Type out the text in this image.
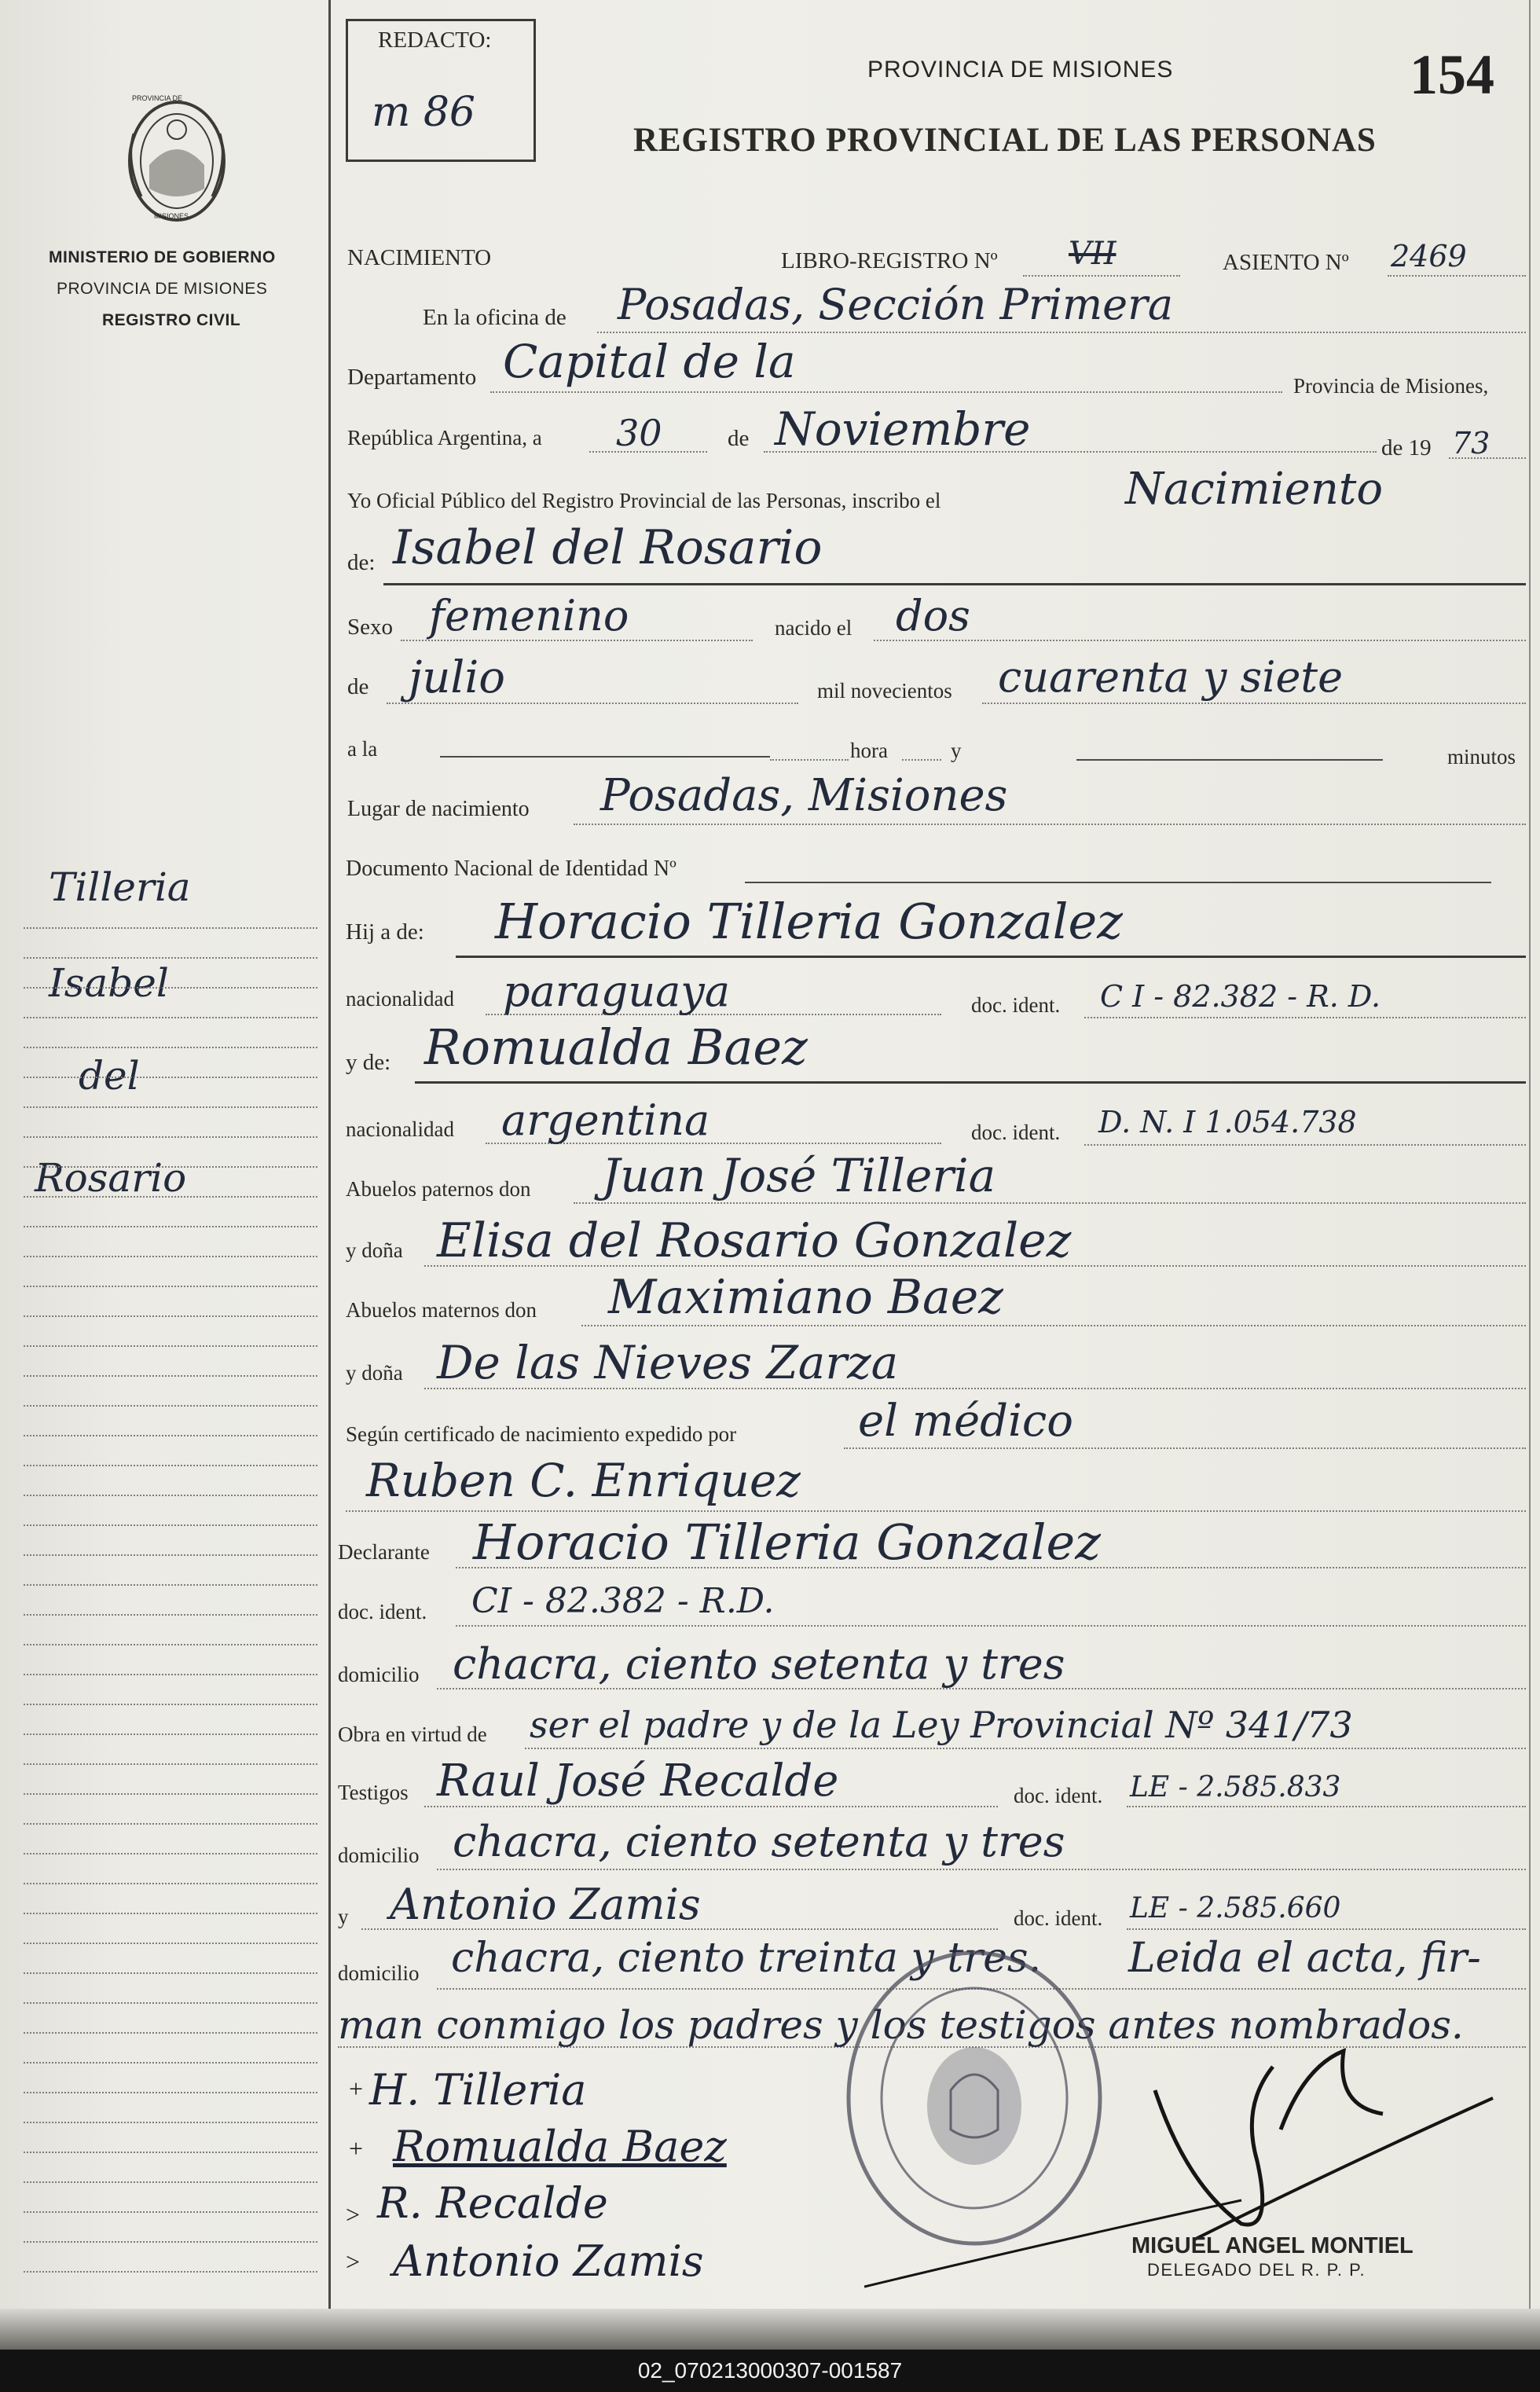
PROVINCIA DE
MISIONES
MINISTERIO DE GOBIERNO
PROVINCIA DE MISIONES
REGISTRO CIVIL
Tilleria
Isabel
del
Rosario
REDACTO:
m 86
PROVINCIA DE MISIONES	154
REGISTRO PROVINCIAL DE LAS PERSONAS
NACIMIENTO	LIBRO-REGISTRO Nº VII	ASIENTO Nº 2469
En la oficina de Posadas, Sección Primera
Departamento Capital de la	Provincia de Misiones,
República Argentina, a 30	de Noviembre	de 19 73
Yo Oficial Público del Registro Provincial de las Personas, inscribo el	Nacimiento
de: Isabel del Rosario
Sexo femenino	nacido el dos
de julio	mil novecientos cuarenta y siete
a la	hora	y	minutos
Lugar de nacimiento Posadas, Misiones
Documento Nacional de Identidad Nº
Hij a de: Horacio Tilleria Gonzalez
nacionalidad paraguaya	doc. ident. C I - 82.382 - R. D.
y de: Romualda Baez
nacionalidad argentina	doc. ident. D. N. I 1.054.738
Abuelos paternos don Juan José Tilleria
y doña Elisa del Rosario Gonzalez
Abuelos maternos don Maximiano Baez
y doña De las Nieves Zarza
Según certificado de nacimiento expedido por	el médico
Ruben C. Enriquez
Declarante Horacio Tilleria Gonzalez
doc. ident. CI - 82.382 - R.D.
domicilio chacra, ciento setenta y tres
Obra en virtud de ser el padre y de la Ley Provincial Nº 341/73
Testigos Raul José Recalde	doc. ident. LE - 2.585.833
domicilio chacra, ciento setenta y tres
y Antonio Zamis	doc. ident. LE - 2.585.660
domicilio chacra, ciento treinta y tres. Leida el acta, fir-
man conmigo los padres y los testigos antes nombrados.
H. Tilleria
Romualda Baez
R. Recalde
Antonio Zamis
+
+
>
>
MIGUEL ANGEL MONTIEL
DELEGADO DEL R. P. P.
02_070213000307-001587
